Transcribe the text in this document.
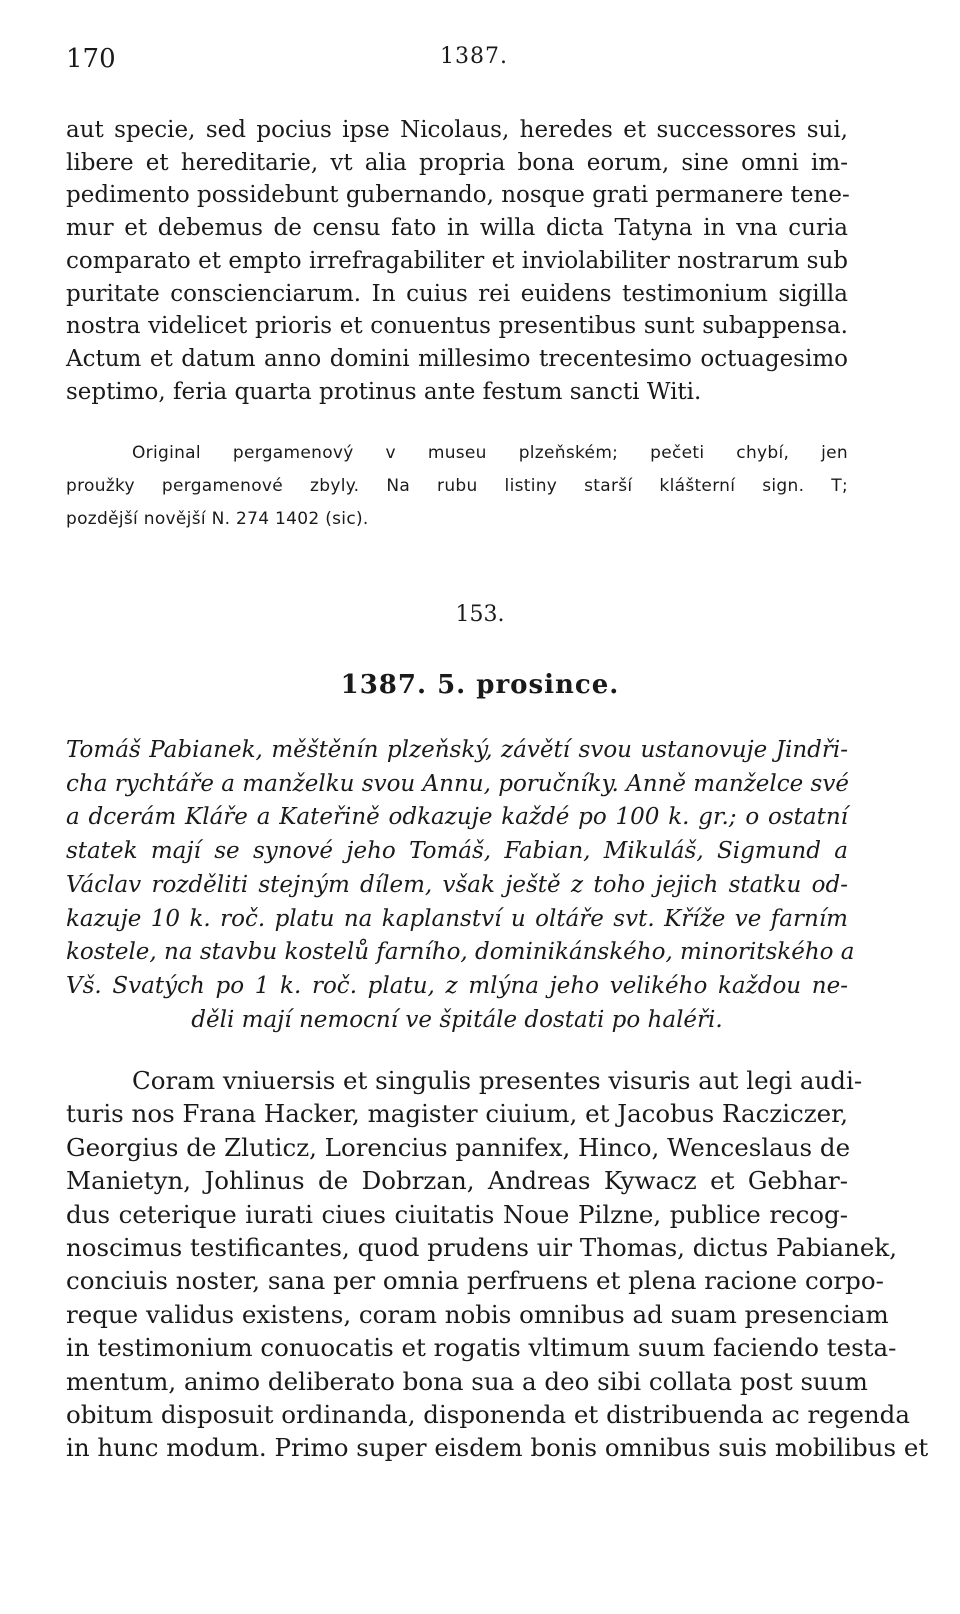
170	1387.
aut specie, sed pocius ipse Nicolaus, heredes et successores sui,
libere et hereditarie, vt alia propria bona eorum, sine omni im-
pedimento possidebunt gubernando, nosque grati permanere tene-
mur et debemus de censu fato in willa dicta Tatyna in vna curia
comparato et empto irrefragabiliter et inviolabiliter nostrarum sub
puritate consciencіarum. In cuius rei euidens testimonium sigilla
nostra videlicet prioris et conuentus presentibus sunt subappensa.
Actum et datum anno domini millesimo trecentesimo octuagesimo
septimo, feria quarta protinus ante festum sancti Witi.
Original pergamenový v museu plzeňském; pečeti chybí, jen
proužky pergamenové zbyly. Na rubu listiny starší klášterní sign. T;
pozdější novější N. 274 1402 (sic).
153.
1387. 5. prosince.
Tomáš Pabianek, měštěnín plzeňský, závětí svou ustanovuje Jindři-
cha rychtáře a manželku svou Annu, poručníky. Anně manželce své
a dcerám Kláře a Kateřině odkazuje každé po 100 k. gr.; o ostatní
statek mají se synové jeho Tomáš, Fabian, Mikuláš, Sigmund a
Václav rozděliti stejným dílem, však ještě z toho jejich statku od-
kazuje 10 k. roč. platu na kaplanství u oltáře svt. Kříže ve farním
kostele, na stavbu kostelů farního, dominikánského, minoritského a
Vš. Svatých po 1 k. roč. platu, z mlýna jeho velikého každou ne-
děli mají nemocní ve špitále dostati po haléři.
Coram vniuersis et singulis presentes visuris aut legi audi-
turis nos Frana Hacker, magister ciuium, et Jacobus Racziczer,
Georgius de Zluticz, Lorencius pannifex, Hinco, Wenceslaus de
Manietyn, Johlinus de Dobrzan, Andreas Kywacz et Gebhar-
dus ceterique iurati ciues ciuitatis Noue Pilzne, publice recog-
noscimus testificantes, quod prudens uir Thomas, dictus Pabianek,
conciuis noster, sana per omnia perfruens et plena racione corpo-
reque validus existens, coram nobis omnibus ad suam presenciam
in testimonium conuocatis et rogatis vltimum suum faciendo testa-
mentum, animo deliberato bona sua a deo sibi collata post suum
obitum disposuit ordinanda, disponenda et distribuenda ac regenda
in hunc modum. Primo super eisdem bonis omnibus suis mobilibus et
